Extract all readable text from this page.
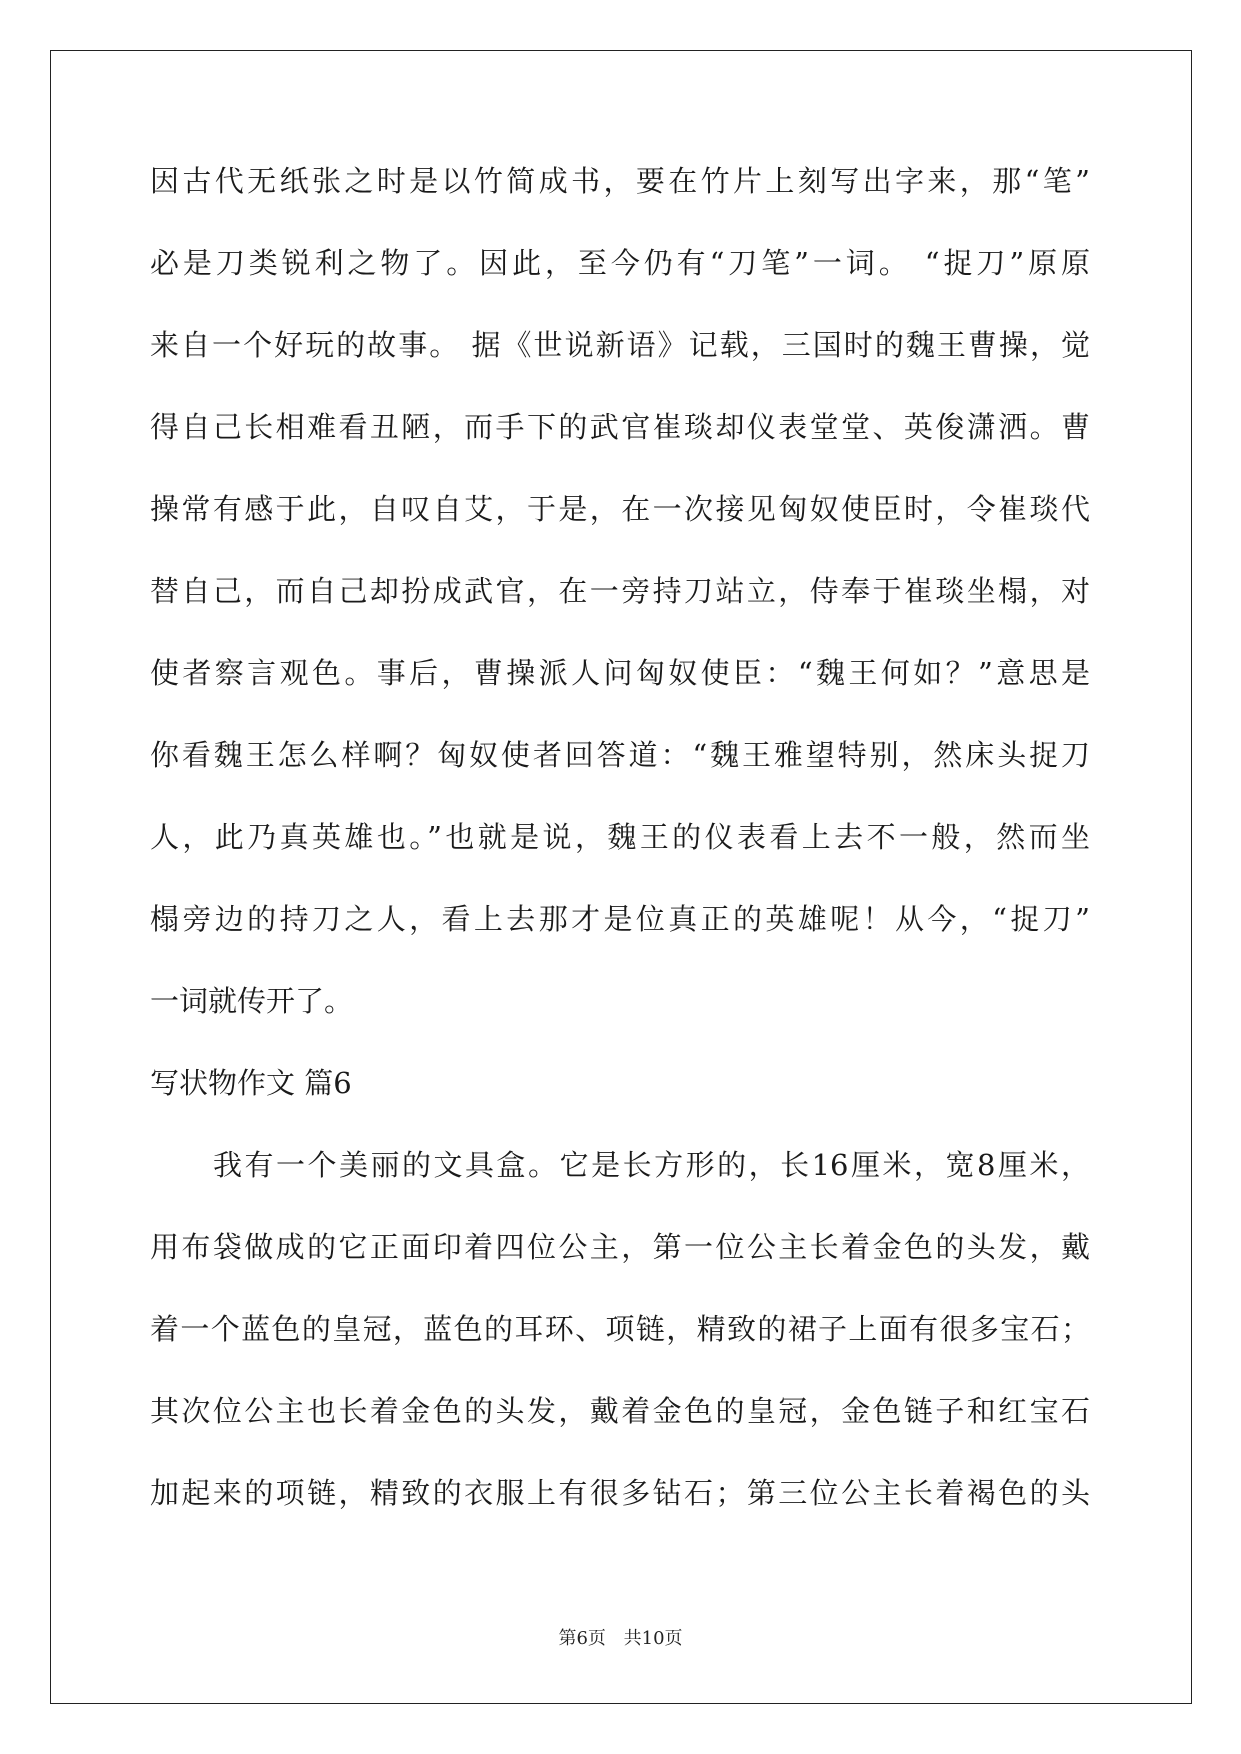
因古代无纸张之时是以竹简成书，要在竹片上刻写出字来，那“笔”
必是刀类锐利之物了。因此，至今仍有“刀笔”一词。 “捉刀”原原
来自一个好玩的故事。 据《世说新语》记载，三国时的魏王曹操，觉
得自己长相难看丑陋，而手下的武官崔琰却仪表堂堂、英俊潇洒。曹
操常有感于此，自叹自艾，于是，在一次接见匈奴使臣时，令崔琰代
替自己，而自己却扮成武官，在一旁持刀站立，侍奉于崔琰坐榻，对
使者察言观色。事后，曹操派人问匈奴使臣：“魏王何如？”意思是
你看魏王怎么样啊？匈奴使者回答道：“魏王雅望特别，然床头捉刀
人，此乃真英雄也。”也就是说，魏王的仪表看上去不一般，然而坐
榻旁边的持刀之人，看上去那才是位真正的英雄呢！从今，“捉刀”
一词就传开了。
写状物作文 篇6
　　我有一个美丽的文具盒。它是长方形的，长16厘米，宽8厘米，
用布袋做成的它正面印着四位公主，第一位公主长着金色的头发，戴
着一个蓝色的皇冠，蓝色的耳环、项链，精致的裙子上面有很多宝石；
其次位公主也长着金色的头发，戴着金色的皇冠，金色链子和红宝石
加起来的项链，精致的衣服上有很多钻石；第三位公主长着褐色的头
第6页 共10页
